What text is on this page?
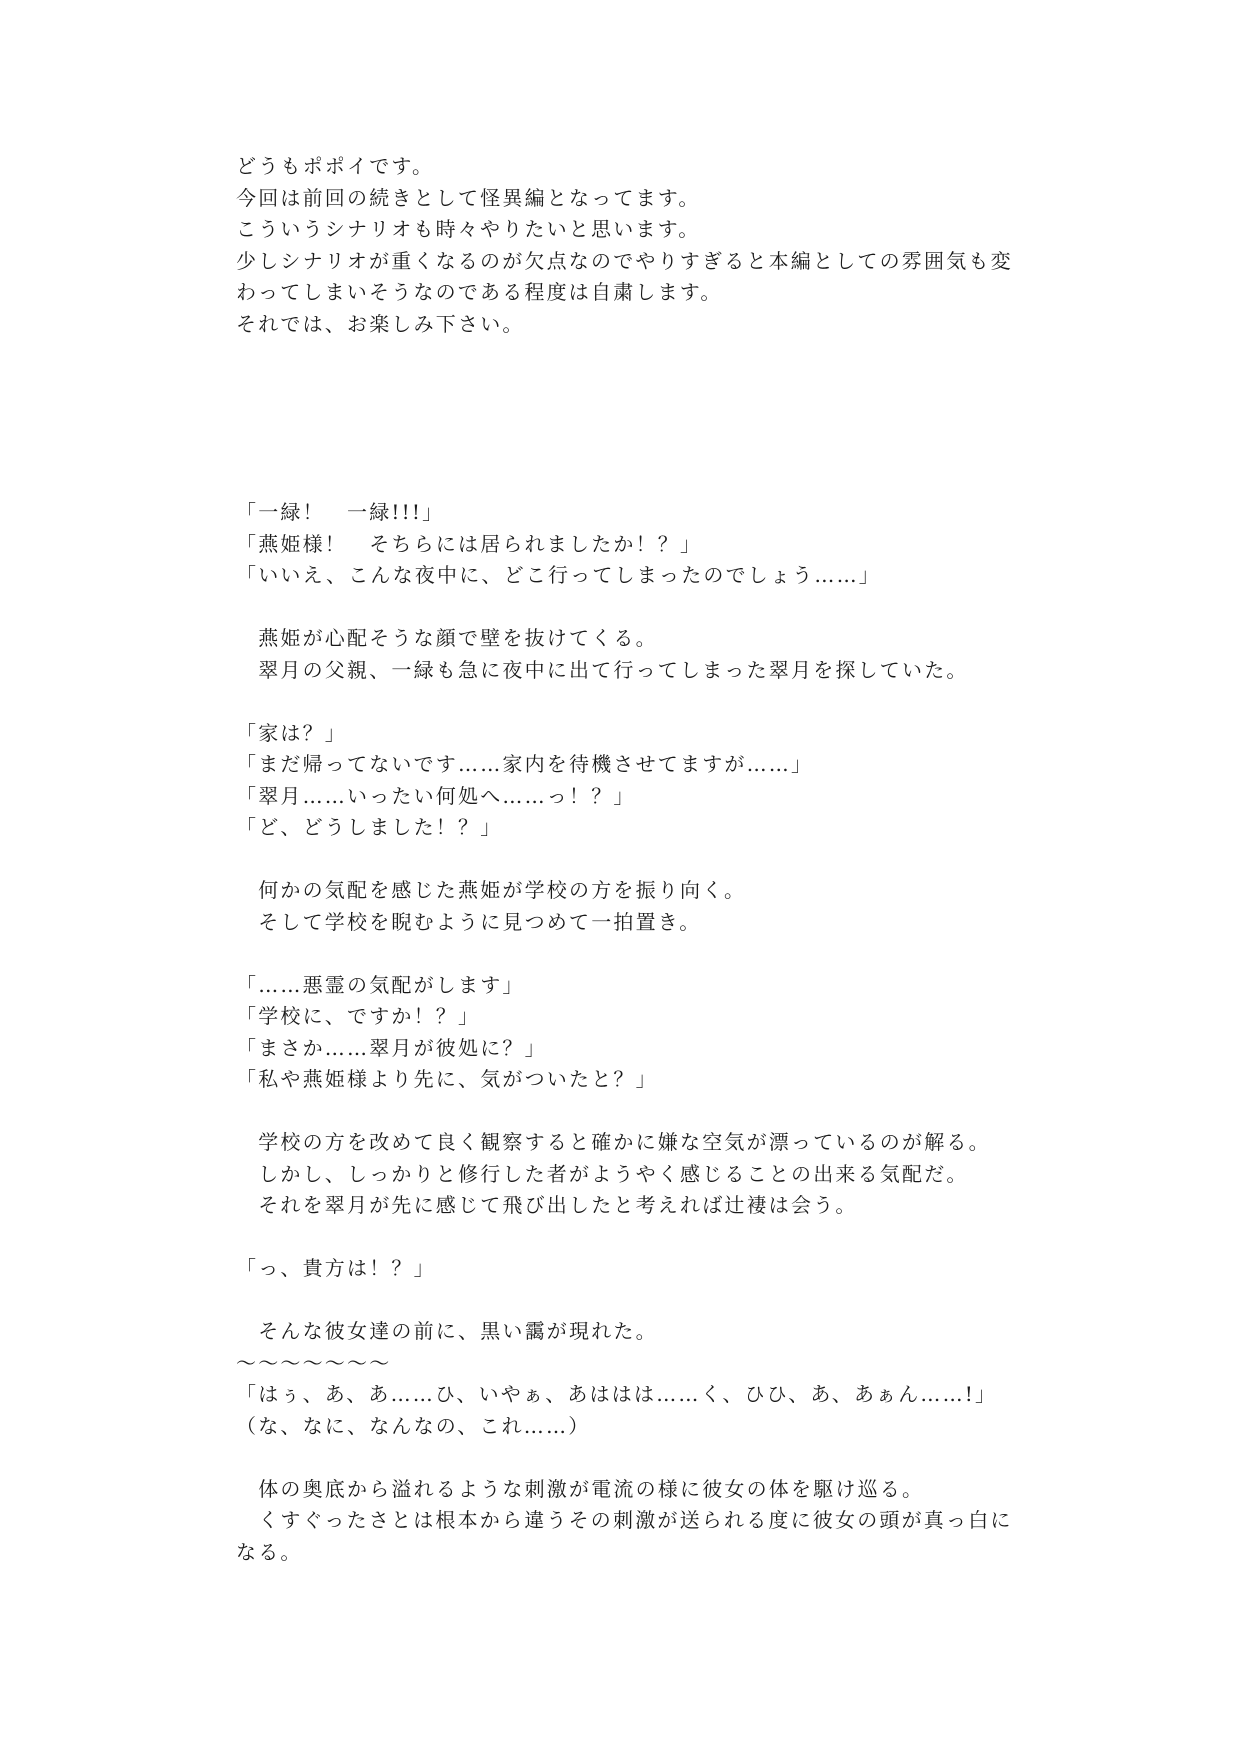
どうもポポイです。
今回は前回の続きとして怪異編となってます。
こういうシナリオも時々やりたいと思います。
少しシナリオが重くなるのが欠点なのでやりすぎると本編としての雰囲気も変
わってしまいそうなのである程度は自粛します。
それでは、お楽しみ下さい。
「一緑！　一緑!!!」
「燕姫様！　そちらには居られましたか！？」
「いいえ、こんな夜中に、どこ行ってしまったのでしょう……」
　燕姫が心配そうな顔で壁を抜けてくる。
　翠月の父親、一緑も急に夜中に出て行ってしまった翠月を探していた。
「家は？」
「まだ帰ってないです……家内を待機させてますが……」
「翠月……いったい何処へ……っ！？」
「ど、どうしました！？」
　何かの気配を感じた燕姫が学校の方を振り向く。
　そして学校を睨むように見つめて一拍置き。
「……悪霊の気配がします」
「学校に、ですか！？」
「まさか……翠月が彼処に？」
「私や燕姫様より先に、気がついたと？」
　学校の方を改めて良く観察すると確かに嫌な空気が漂っているのが解る。
　しかし、しっかりと修行した者がようやく感じることの出来る気配だ。
　それを翠月が先に感じて飛び出したと考えれば辻褄は会う。
「っ、貴方は！？」
　そんな彼女達の前に、黒い靄が現れた。
〜〜〜〜〜〜〜
「はぅ、あ、あ……ひ、いやぁ、あははは……く、ひひ、あ、あぁん……!」
（な、なに、なんなの、これ……）
　体の奥底から溢れるような刺激が電流の様に彼女の体を駆け巡る。
　くすぐったさとは根本から違うその刺激が送られる度に彼女の頭が真っ白に
なる。
